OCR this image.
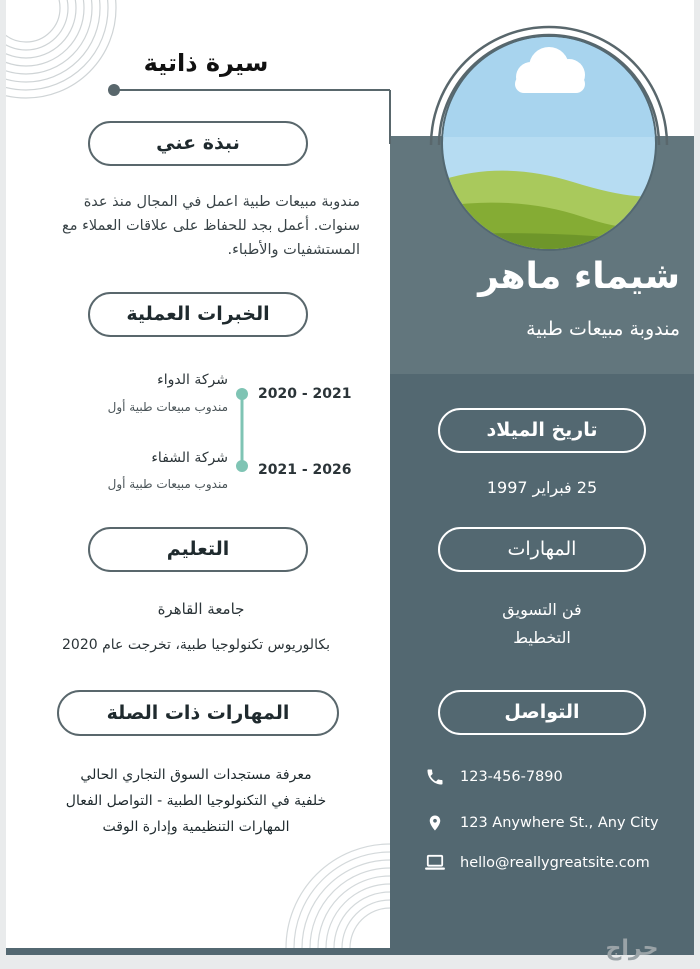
سيرة ذاتية
شيماء ماهر
مندوبة مبيعات طبية
نبذة عني
مندوبة مبيعات طبية اعمل في المجال منذ عدة سنوات. أعمل بجد للحفاظ على علاقات العملاء مع المستشفيات والأطباء.
الخبرات العملية
شركة الدواء
مندوب مبيعات طبية أول
2020 - 2021
شركة الشفاء
مندوب مبيعات طبية أول
2021 - 2026
التعليم
جامعة القاهرة
بكالوريوس تكنولوجيا طبية، تخرجت عام 2020
المهارات ذات الصلة
معرفة مستجدات السوق التجاري الحالي
خلفية في التكنولوجيا الطبية - التواصل الفعال
المهارات التنظيمية وإدارة الوقت
تاريخ الميلاد
25 فبراير 1997
المهارات
فن التسويق
التخطيط
التواصل
123-456-7890
123 Anywhere St., Any City
hello@reallygreatsite.com
حراج
